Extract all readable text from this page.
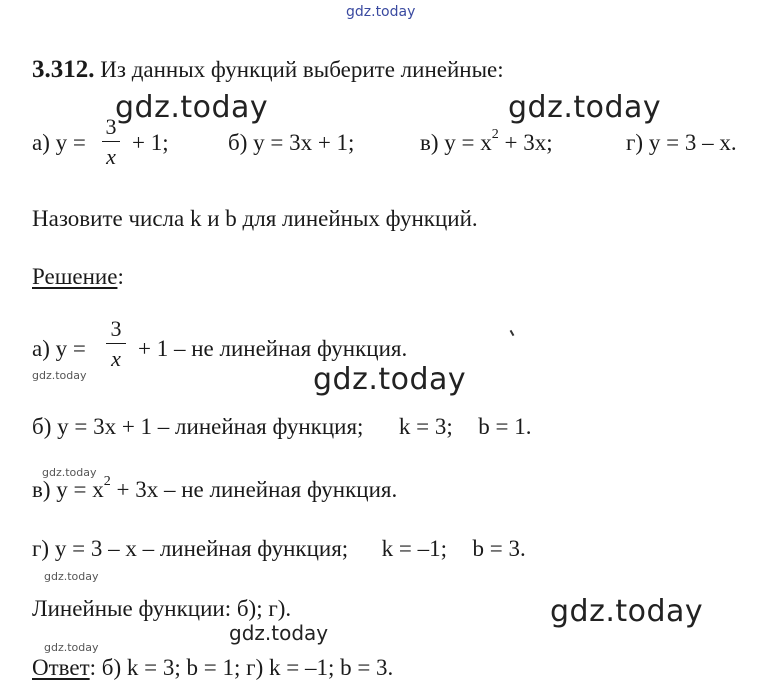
gdz.today
3.312. Из данных функций выберите линейные:
gdz.today	gdz.today
а) y =
3
x
+ 1;	б) y = 3x + 1;	в) $y = x^2 + 3x$;	г) y = 3 – x.
Назовите числа k и b для линейных функций.
Решение:
а) y =
3
x + 1 – не линейная функция.
gdz.today	gdz.today
б) y = 3x + 1 – линейная функция; k = 3; b = 1.
gdz.today
в) $y = x^2 + 3x$ – не линейная функция.
г) y = 3 – x – линейная функция; k = –1; b = 3.
gdz.today
Линейные функции: б); г).	gdz.today
gdz.today
gdz.today
Ответ: б) k = 3; b = 1; г) k = –1; b = 3.
